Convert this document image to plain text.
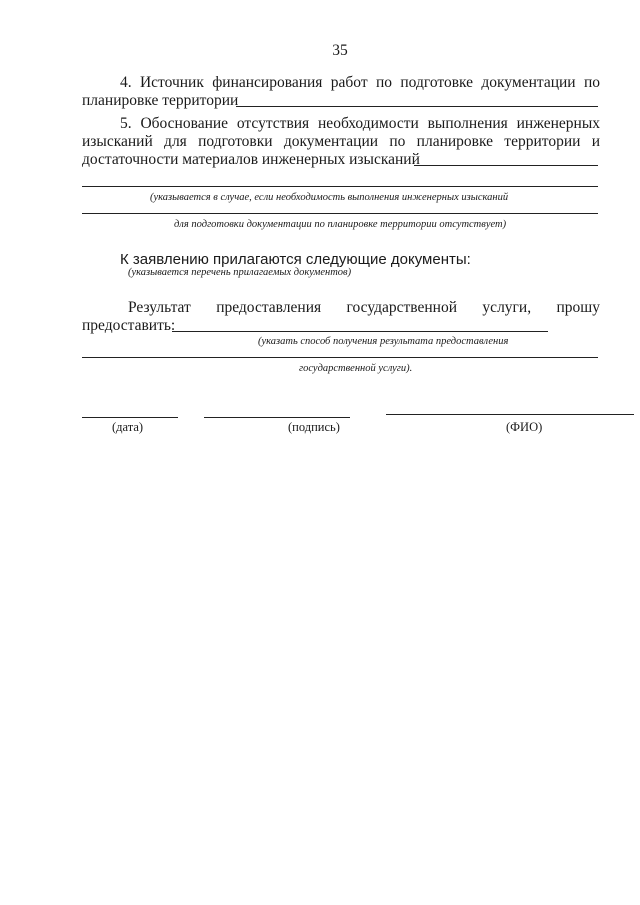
35
4. Источник финансирования работ по подготовке документации по
планировке территории
5. Обоснование отсутствия необходимости выполнения инженерных
изысканий для подготовки документации по планировке территории и
достаточности материалов инженерных изысканий
(указывается в случае, если необходимость выполнения инженерных изысканий
для подготовки документации по планировке территории отсутствует)
К заявлению прилагаются следующие документы:
(указывается перечень прилагаемых документов)
Результат предоставления государственной услуги, прошу
предоставить:
(указать способ получения результата предоставления
государственной услуги).
(дата)	(подпись)	(ФИО)
